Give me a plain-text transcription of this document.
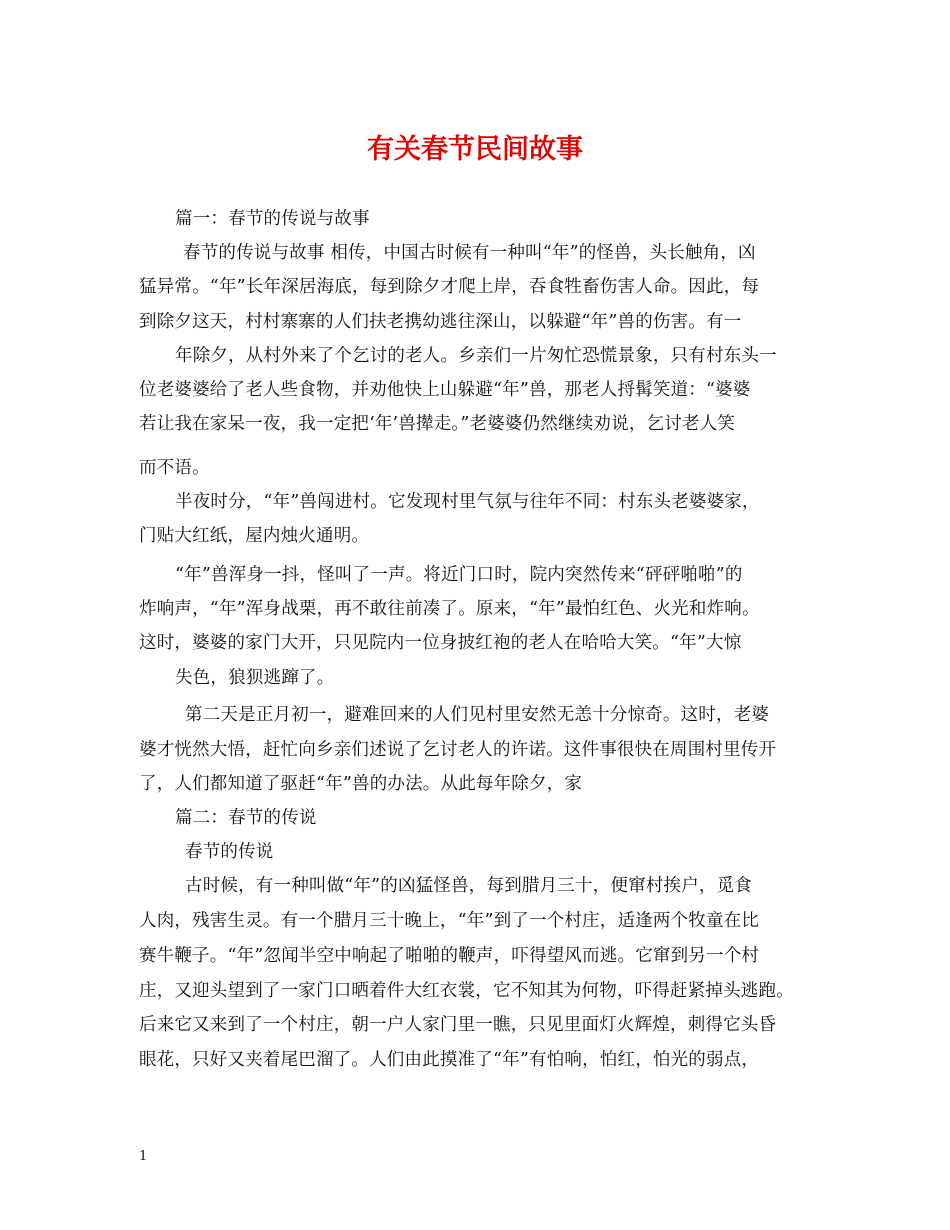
有关春节民间故事
篇一：春节的传说与故事
春节的传说与故事 相传，中国古时候有一种叫“年”的怪兽，头长触角，凶
猛异常。“年”长年深居海底，每到除夕才爬上岸，吞食牲畜伤害人命。因此，每
到除夕这天，村村寨寨的人们扶老携幼逃往深山，以躲避“年”兽的伤害。有一
年除夕，从村外来了个乞讨的老人。乡亲们一片匆忙恐慌景象，只有村东头一
位老婆婆给了老人些食物，并劝他快上山躲避“年”兽，那老人捋髯笑道：“婆婆
若让我在家呆一夜，我一定把‘年’兽撵走。”老婆婆仍然继续劝说，乞讨老人笑
而不语。
半夜时分，“年”兽闯进村。它发现村里气氛与往年不同：村东头老婆婆家，
门贴大红纸，屋内烛火通明。
“年”兽浑身一抖，怪叫了一声。将近门口时，院内突然传来“砰砰啪啪”的
炸响声，“年”浑身战栗，再不敢往前凑了。原来，“年”最怕红色、火光和炸响。
这时，婆婆的家门大开，只见院内一位身披红袍的老人在哈哈大笑。“年”大惊
失色，狼狈逃蹿了。
第二天是正月初一，避难回来的人们见村里安然无恙十分惊奇。这时，老婆
婆才恍然大悟，赶忙向乡亲们述说了乞讨老人的许诺。这件事很快在周围村里传开
了，人们都知道了驱赶“年”兽的办法。从此每年除夕，家
篇二：春节的传说
春节的传说
古时候，有一种叫做“年”的凶猛怪兽，每到腊月三十，便窜村挨户，觅食
人肉，残害生灵。有一个腊月三十晚上，“年”到了一个村庄，适逢两个牧童在比
赛牛鞭子。“年”忽闻半空中响起了啪啪的鞭声，吓得望风而逃。它窜到另一个村
庄，又迎头望到了一家门口晒着件大红衣裳，它不知其为何物，吓得赶紧掉头逃跑。
后来它又来到了一个村庄，朝一户人家门里一瞧，只见里面灯火辉煌，刺得它头昏
眼花，只好又夹着尾巴溜了。人们由此摸准了“年”有怕响，怕红，怕光的弱点，
1
